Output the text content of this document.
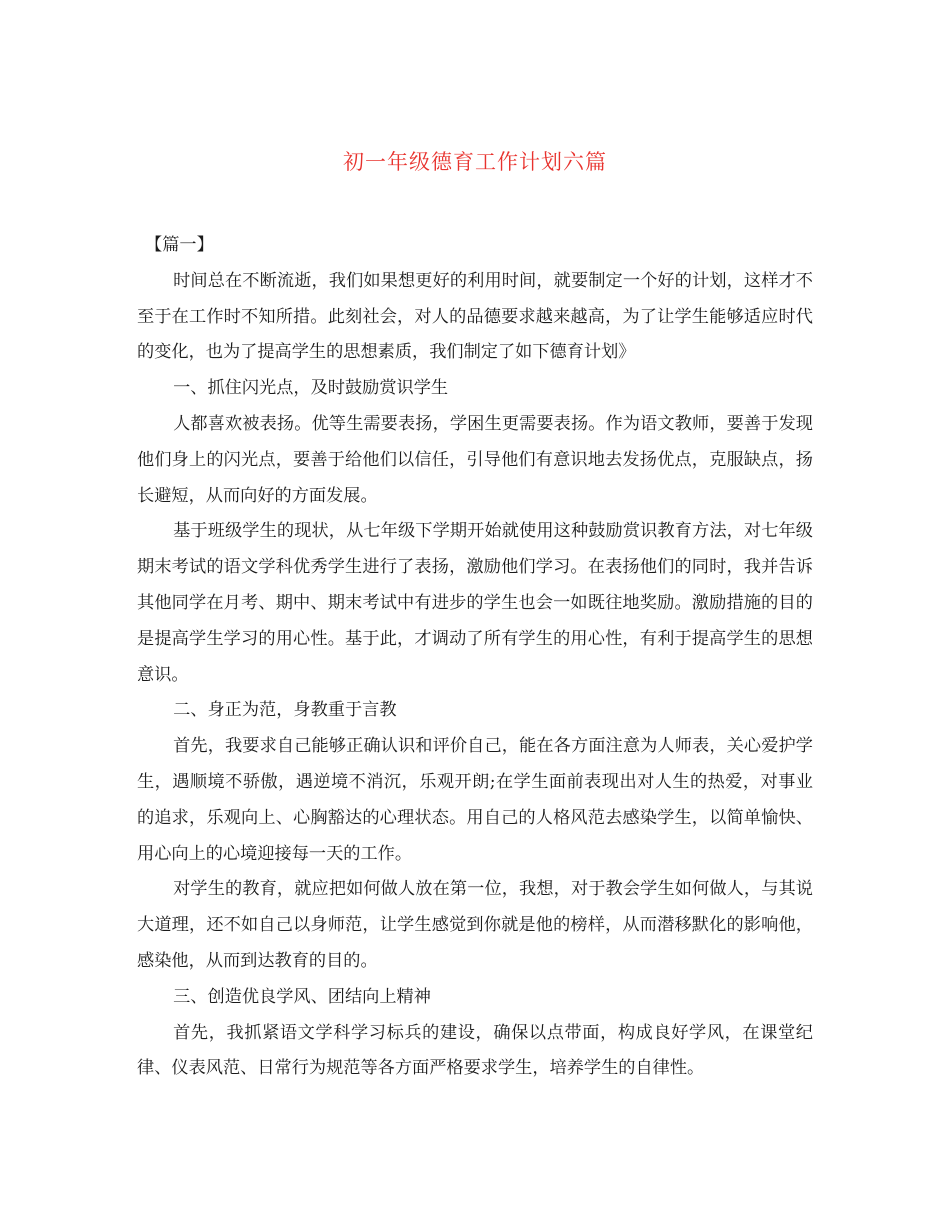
初一年级德育工作计划六篇

【篇一】

时间总在不断流逝，我们如果想更好的利用时间，就要制定一个好的计划，这样才不至于在工作时不知所措。此刻社会，对人的品德要求越来越高，为了让学生能够适应时代的变化，也为了提高学生的思想素质，我们制定了如下德育计划》

一、抓住闪光点，及时鼓励赏识学生

人都喜欢被表扬。优等生需要表扬，学困生更需要表扬。作为语文教师，要善于发现他们身上的闪光点，要善于给他们以信任，引导他们有意识地去发扬优点，克服缺点，扬长避短，从而向好的方面发展。

基于班级学生的现状，从七年级下学期开始就使用这种鼓励赏识教育方法，对七年级期末考试的语文学科优秀学生进行了表扬，激励他们学习。在表扬他们的同时，我并告诉其他同学在月考、期中、期末考试中有进步的学生也会一如既往地奖励。激励措施的目的是提高学生学习的用心性。基于此，才调动了所有学生的用心性，有利于提高学生的思想意识。

二、身正为范，身教重于言教

首先，我要求自己能够正确认识和评价自己，能在各方面注意为人师表，关心爱护学生，遇顺境不骄傲，遇逆境不消沉，乐观开朗;在学生面前表现出对人生的热爱，对事业的追求，乐观向上、心胸豁达的心理状态。用自己的人格风范去感染学生，以简单愉快、用心向上的心境迎接每一天的工作。

对学生的教育，就应把如何做人放在第一位，我想，对于教会学生如何做人，与其说大道理，还不如自己以身师范，让学生感觉到你就是他的榜样，从而潜移默化的影响他，感染他，从而到达教育的目的。

三、创造优良学风、团结向上精神

首先，我抓紧语文学科学习标兵的建设，确保以点带面，构成良好学风，在课堂纪律、仪表风范、日常行为规范等各方面严格要求学生，培养学生的自律性。
